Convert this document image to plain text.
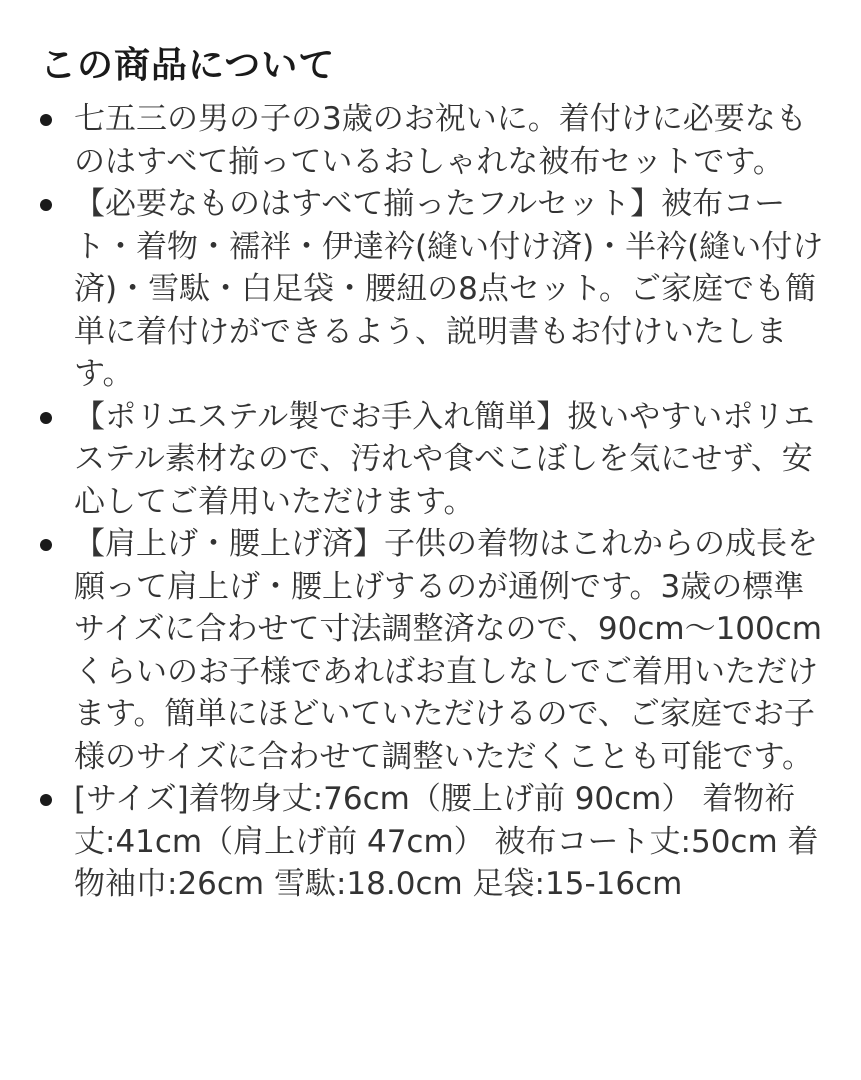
この商品について
七五三の男の子の3歳のお祝いに。着付けに必要なものはすべて揃っているおしゃれな被布セットです。
【必要なものはすべて揃ったフルセット】被布コート・着物・襦袢・伊達衿(縫い付け済)・半衿(縫い付け済)・雪駄・白足袋・腰紐の8点セット。ご家庭でも簡単に着付けができるよう、説明書もお付けいたします。
【ポリエステル製でお手入れ簡単】扱いやすいポリエステル素材なので、汚れや食べこぼしを気にせず、安心してご着用いただけます。
【肩上げ・腰上げ済】子供の着物はこれからの成長を願って肩上げ・腰上げするのが通例です。3歳の標準サイズに合わせて寸法調整済なので、90cm〜100cmくらいのお子様であればお直しなしでご着用いただけます。簡単にほどいていただけるので、ご家庭でお子様のサイズに合わせて調整いただくことも可能です。
[サイズ]着物身丈:76cm（腰上げ前 90cm） 着物裄丈:41cm（肩上げ前 47cm） 被布コート丈:50cm 着物袖巾:26cm 雪駄:18.0cm 足袋:15-16cm
